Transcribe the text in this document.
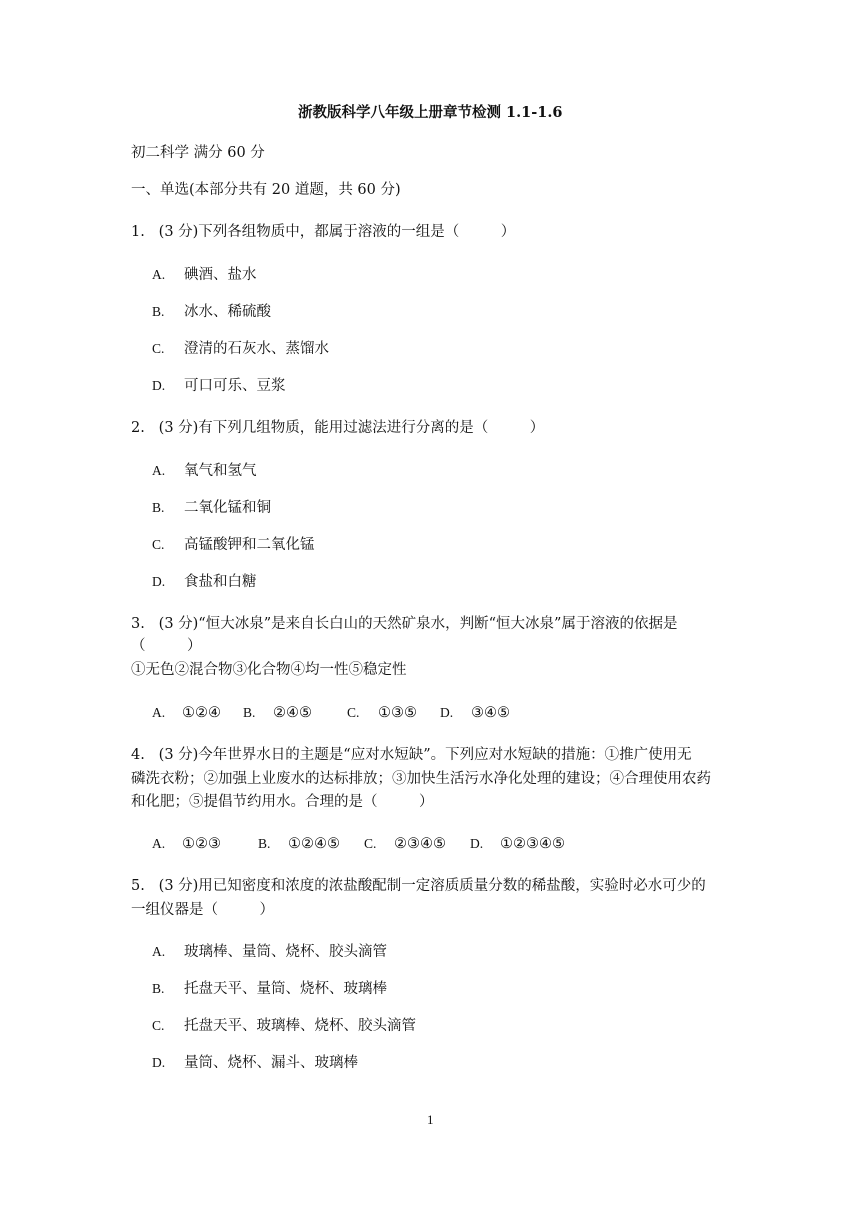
浙教版科学八年级上册章节检测 1.1-1.6
初二科学 满分 60 分
一、单选(本部分共有 20 道题，共 60 分)
1.   (3 分)下列各组物质中，都属于溶液的一组是（         ）
A. 碘酒、盐水
B. 冰水、稀硫酸
C. 澄清的石灰水、蒸馏水
D. 可口可乐、豆浆
2.   (3 分)有下列几组物质，能用过滤法进行分离的是（         ）
A. 氧气和氢气
B. 二氧化锰和铜
C. 高锰酸钾和二氧化锰
D. 食盐和白糖
3.   (3 分)“恒大冰泉”是来自长白山的天然矿泉水，判断“恒大冰泉”属于溶液的依据是
（         ）
①无色②混合物③化合物④均一性⑤稳定性
A. ①②④ B. ②④⑤	C. ①③⑤ D. ③④⑤
4.   (3 分)今年世界水日的主题是“应对水短缺”。下列应对水短缺的措施：①推广使用无
磷洗衣粉；②加强上业废水的达标排放；③加快生活污水净化处理的建设；④合理使用农药
和化肥；⑤提倡节约用水。合理的是（         ）
A. ①②③	B. ①②④⑤ C. ②③④⑤ D. ①②③④⑤
5.   (3 分)用已知密度和浓度的浓盐酸配制一定溶质质量分数的稀盐酸，实验时必水可少的
一组仪器是（         ）
A. 玻璃棒、量筒、烧杯、胶头滴管
B. 托盘天平、量筒、烧杯、玻璃棒
C. 托盘天平、玻璃棒、烧杯、胶头滴管
D. 量筒、烧杯、漏斗、玻璃棒
1
